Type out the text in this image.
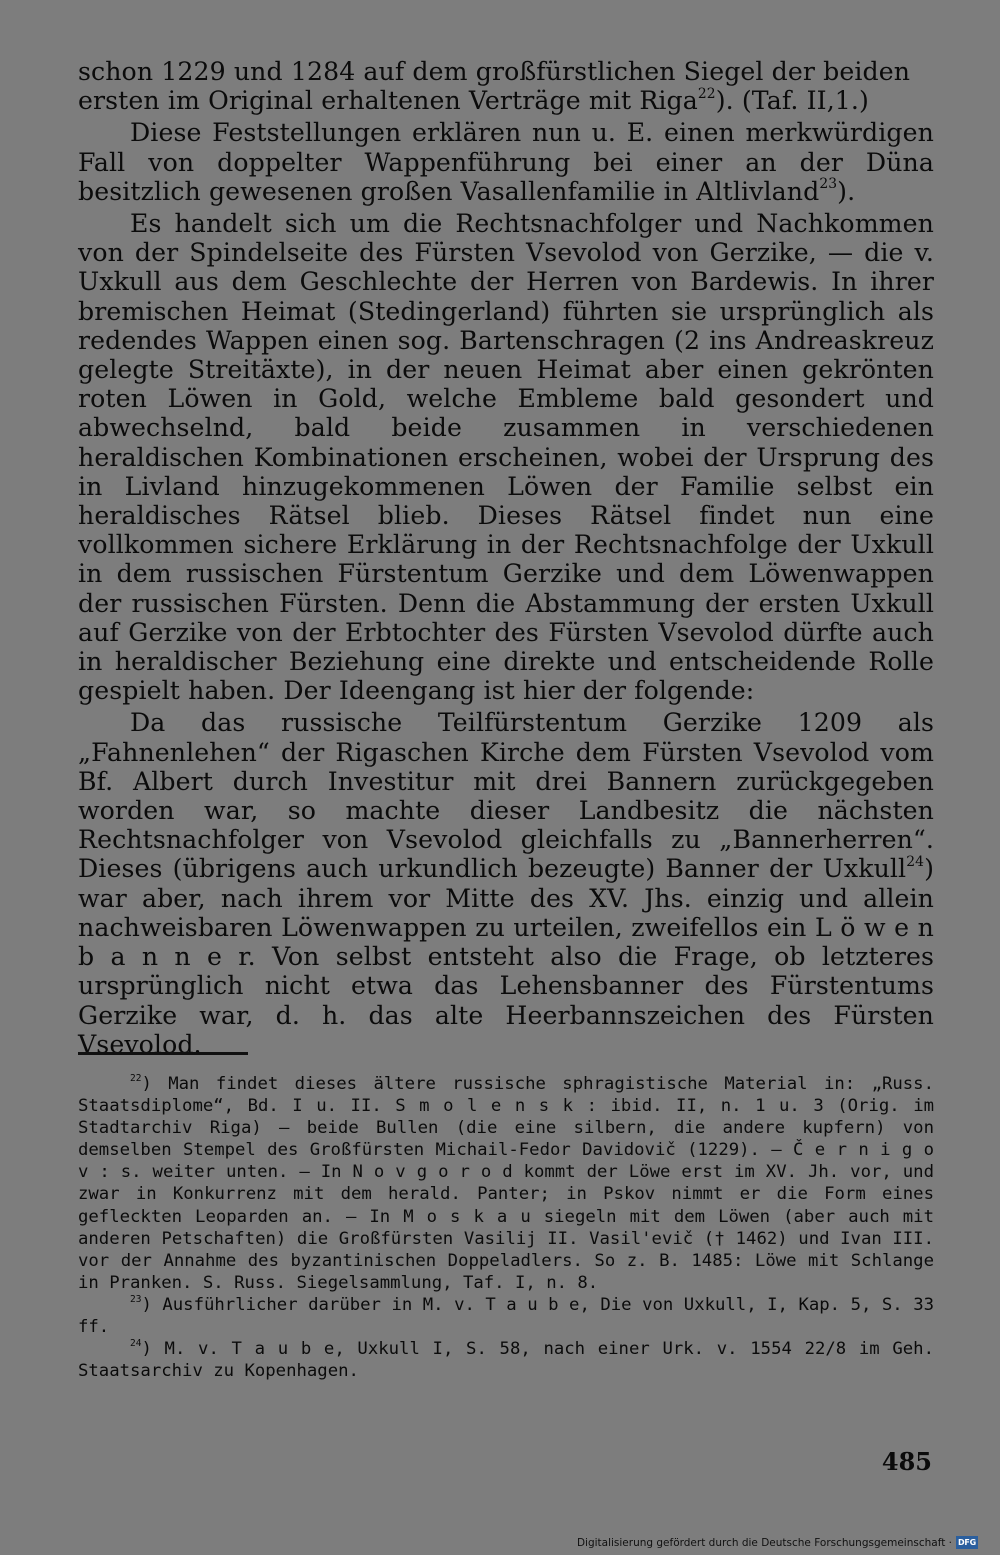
schon 1229 und 1284 auf dem großfürstlichen Siegel der beiden
ersten im Original erhaltenen Verträge mit Riga$^{22}$). (Taf. II,1.)

Diese Feststellungen erklären nun u. E. einen merkwürdigen Fall von doppelter Wappenführung bei einer an der Düna besitzlich gewesenen großen Vasallenfamilie in Altlivland$^{23}$).

Es handelt sich um die Rechtsnachfolger und Nachkommen von der Spindelseite des Fürsten Vsevolod von Gerzike, — die v. Uxkull aus dem Geschlechte der Herren von Bardewis. In ihrer bremischen Heimat (Stedingerland) führten sie ursprünglich als redendes Wappen einen sog. Bartenschragen (2 ins Andreaskreuz gelegte Streitäxte), in der neuen Heimat aber einen gekrönten roten Löwen in Gold, welche Embleme bald gesondert und abwechselnd, bald beide zusammen in verschiedenen heraldischen Kombinationen erscheinen, wobei der Ursprung des in Livland hinzugekommenen Löwen der Familie selbst ein heraldisches Rätsel blieb. Dieses Rätsel findet nun eine vollkommen sichere Erklärung in der Rechtsnachfolge der Uxkull in dem russischen Fürstentum Gerzike und dem Löwenwappen der russischen Fürsten. Denn die Abstammung der ersten Uxkull auf Gerzike von der Erbtochter des Fürsten Vsevolod dürfte auch in heraldischer Beziehung eine direkte und entscheidende Rolle gespielt haben. Der Ideengang ist hier der folgende:

Da das russische Teilfürstentum Gerzike 1209 als „Fahnenlehen“ der Rigaschen Kirche dem Fürsten Vsevolod vom Bf. Albert durch Investitur mit drei Bannern zurückgegeben worden war, so machte dieser Landbesitz die nächsten Rechtsnachfolger von Vsevolod gleichfalls zu „Bannerherren“. Dieses (übrigens auch urkundlich bezeugte) Banner der Uxkull$^{24}$) war aber, nach ihrem vor Mitte des XV. Jhs. einzig und allein nachweisbaren Löwenwappen zu urteilen, zweifellos ein L ö w e n b a n n e r. Von selbst entsteht also die Frage, ob letzteres ursprünglich nicht etwa das Lehensbanner des Fürstentums Gerzike war, d. h. das alte Heerbannszeichen des Fürsten Vsevolod.

$^{22}$) Man findet dieses ältere russische sphragistische Material in: „Russ. Staatsdiplome“, Bd. I u. II. S m o l e n s k : ibid. II, n. 1 u. 3 (Orig. im Stadtarchiv Riga) — beide Bullen (die eine silbern, die andere kupfern) von demselben Stempel des Großfürsten Michail-Fedor Davidovič (1229). — Č e r n i g o v : s. weiter unten. — In N o v g o r o d kommt der Löwe erst im XV. Jh. vor, und zwar in Konkurrenz mit dem herald. Panter; in Pskov nimmt er die Form eines gefleckten Leoparden an. — In M o s k a u siegeln mit dem Löwen (aber auch mit anderen Petschaften) die Großfürsten Vasilij II. Vasil'evič († 1462) und Ivan III. vor der Annahme des byzantinischen Doppeladlers. So z. B. 1485: Löwe mit Schlange in Pranken. S. Russ. Siegelsammlung, Taf. I, n. 8.

$^{23}$) Ausführlicher darüber in M. v. T a u b e, Die von Uxkull, I, Kap. 5, S. 33 ff.

$^{24}$) M. v. T a u b e, Uxkull I, S. 58, nach einer Urk. v. 1554 22/8 im Geh. Staatsarchiv zu Kopenhagen.

485
Digitalisierung gefördert durch die Deutsche Forschungsgemeinschaft · DFG
